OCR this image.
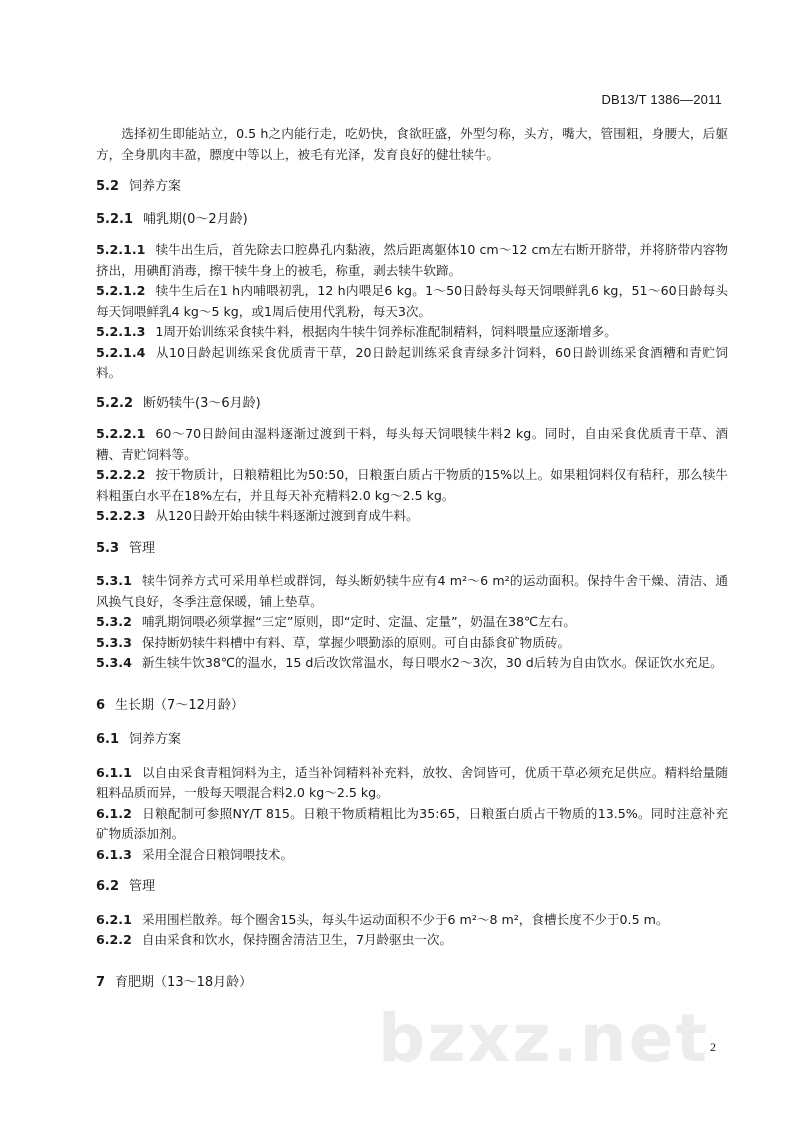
DB13/T 1386—2011

选择初生即能站立，0.5 h之内能行走，吃奶快，食欲旺盛，外型匀称，头方，嘴大，管围粗，身腰大，后躯方，全身肌肉丰盈，膘度中等以上，被毛有光泽，发育良好的健壮犊牛。

5.2 饲养方案
5.2.1 哺乳期(0～2月龄)

5.2.1.1 犊牛出生后，首先除去口腔鼻孔内黏液，然后距离躯体10 cm～12 cm左右断开脐带，并将脐带内容物挤出，用碘酊消毒，擦干犊牛身上的被毛，称重，剥去犊牛软蹄。

5.2.1.2 犊牛生后在1 h内哺喂初乳，12 h内喂足6 kg。1～50日龄每头每天饲喂鲜乳6 kg，51～60日龄每头每天饲喂鲜乳4 kg～5 kg，或1周后使用代乳粉，每天3次。

5.2.1.3 1周开始训练采食犊牛料，根据肉牛犊牛饲养标准配制精料，饲料喂量应逐渐增多。

5.2.1.4 从10日龄起训练采食优质青干草，20日龄起训练采食青绿多汁饲料，60日龄训练采食酒糟和青贮饲料。

5.2.2 断奶犊牛(3～6月龄)

5.2.2.1 60～70日龄间由湿料逐渐过渡到干料，每头每天饲喂犊牛料2 kg。同时，自由采食优质青干草、酒糟、青贮饲料等。

5.2.2.2 按干物质计，日粮精粗比为50:50，日粮蛋白质占干物质的15%以上。如果粗饲料仅有秸秆，那么犊牛料粗蛋白水平在18%左右，并且每天补充精料2.0 kg～2.5 kg。

5.2.2.3 从120日龄开始由犊牛料逐渐过渡到育成牛料。

5.3 管理

5.3.1 犊牛饲养方式可采用单栏或群饲，每头断奶犊牛应有4 m²～6 m²的运动面积。保持牛舍干燥、清洁、通风换气良好，冬季注意保暖，铺上垫草。

5.3.2 哺乳期饲喂必须掌握“三定”原则，即“定时、定温、定量”，奶温在38℃左右。

5.3.3 保持断奶犊牛料槽中有料、草，掌握少喂勤添的原则。可自由舔食矿物质砖。

5.3.4 新生犊牛饮38℃的温水，15 d后改饮常温水，每日喂水2～3次，30 d后转为自由饮水。保证饮水充足。

6 生长期（7～12月龄）
6.1 饲养方案

6.1.1 以自由采食青粗饲料为主，适当补饲精料补充料，放牧、舍饲皆可，优质干草必须充足供应。精料给量随粗料品质而异，一般每天喂混合料2.0 kg～2.5 kg。

6.1.2 日粮配制可参照NY/T 815。日粮干物质精粗比为35:65，日粮蛋白质占干物质的13.5%。同时注意补充矿物质添加剂。

6.1.3 采用全混合日粮饲喂技术。

6.2 管理

6.2.1 采用围栏散养。每个圈舍15头，每头牛运动面积不少于6 m²～8 m²，食槽长度不少于0.5 m。

6.2.2 自由采食和饮水，保持圈舍清洁卫生，7月龄驱虫一次。

7 育肥期（13～18月龄）
bzxz.net 2
